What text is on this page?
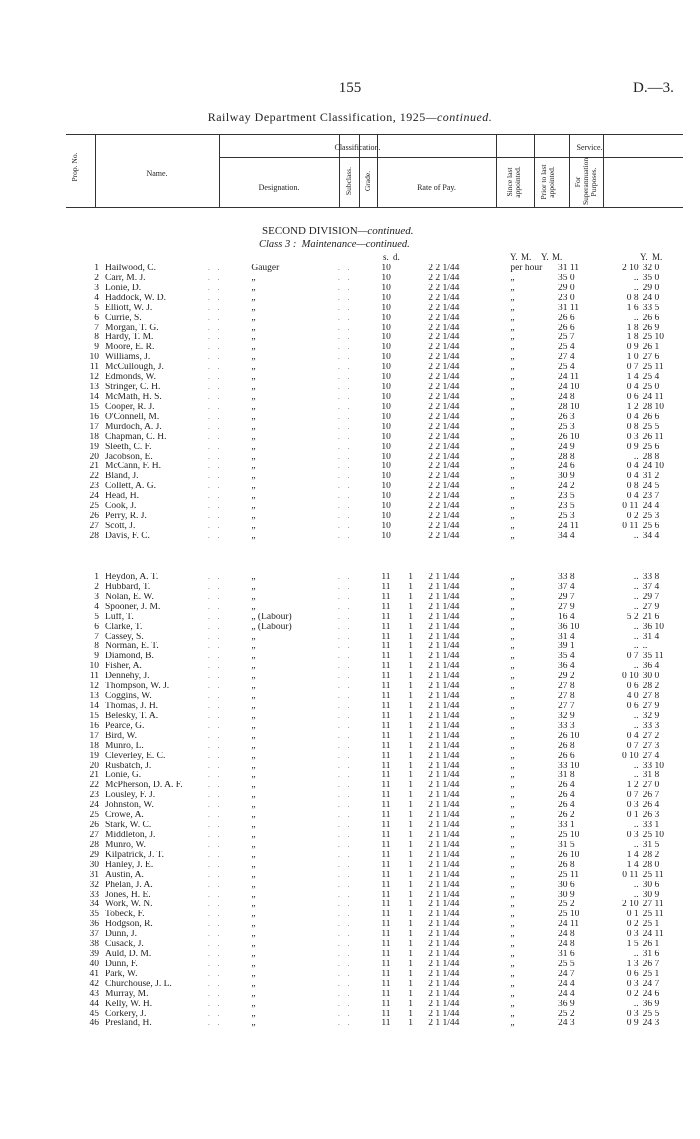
155	D.—3.
Railway Department Classification, 1925—continued.
Prop. No.	Name.
Classification.	Service.
Designation.	Subclass. Grade.	Rate of Pay.	Since last appointed. Prior to last appointed. For Superannuation Purposes.
SECOND DIVISION—continued.
Class 3 : Maintenance—continued.
s. d.	Y. M. Y. M.	Y. M.
1	Hailwood, C.	. .	Gauger	. .	10		2 2 1/44	per hour	31 11	2 10	32 0
2	Carr, M. J.	. .	„	. .	10		2 2 1/44	„	35 0	..	35 0
3	Lonie, D.	. .	„	. .	10		2 2 1/44	„	29 0	..	29 0
4	Haddock, W. D.	. .	„	. .	10		2 2 1/44	„	23 0	0 8	24 0
5	Elliott, W. J.	. .	„	. .	10		2 2 1/44	„	31 11	1 6	33 5
6	Currie, S.	. .	„	. .	10		2 2 1/44	„	26 6	..	26 6
7	Morgan, T. G.	. .	„	. .	10		2 2 1/44	„	26 6	1 8	26 9
8	Hardy, T. M.	. .	„	. .	10		2 2 1/44	„	25 7	1 8	25 10
9	Moore, E. R.	. .	„	. .	10		2 2 1/44	„	25 4	0 9	26 1
10	Williams, J.	. .	„	. .	10		2 2 1/44	„	27 4	1 0	27 6
11	McCullough, J.	. .	„	. .	10		2 2 1/44	„	25 4	0 7	25 11
12	Edmonds, W.	. .	„	. .	10		2 2 1/44	„	24 11	1 4	25 4
13	Stringer, C. H.	. .	„	. .	10		2 2 1/44	„	24 10	0 4	25 0
14	McMath, H. S.	. .	„	. .	10		2 2 1/44	„	24 8	0 6	24 11
15	Cooper, R. J.	. .	„	. .	10		2 2 1/44	„	28 10	1 2	28 10
16	O'Connell, M.	. .	„	. .	10		2 2 1/44	„	26 3	0 4	26 6
17	Murdoch, A. J.	. .	„	. .	10		2 2 1/44	„	25 3	0 8	25 5
18	Chapman, C. H.	. .	„	. .	10		2 2 1/44	„	26 10	0 3	26 11
19	Sleeth, C. F.	. .	„	. .	10		2 2 1/44	„	24 9	0 9	25 6
20	Jacobson, E.	. .	„	. .	10		2 2 1/44	„	28 8	..	28 8
21	McCann, F. H.	. .	„	. .	10		2 2 1/44	„	24 6	0 4	24 10
22	Bland, J.	. .	„	. .	10		2 2 1/44	„	30 9	0 4	31 2
23	Collett, A. G.	. .	„	. .	10		2 2 1/44	„	24 2	0 8	24 5
24	Head, H.	. .	„	. .	10		2 2 1/44	„	23 5	0 4	23 7
25	Cook, J.	. .	„	. .	10		2 2 1/44	„	23 5	0 11	24 4
26	Perry, R. J.	. .	„	. .	10		2 2 1/44	„	25 3	0 2	25 3
27	Scott, J.	. .	„	. .	10		2 2 1/44	„	24 11	0 11	25 6
28	Davis, F. C.	. .	„	. .	10		2 2 1/44	„	34 4	..	34 4
1	Heydon, A. T.	. .	„	. .	11	1	2 1 1/44	„	33 8	..	33 8
2	Hubbard, T.	. .	„	. .	11	1	2 1 1/44	„	37 4	..	37 4
3	Nolan, E. W.	. .	„	. .	11	1	2 1 1/44	„	29 7	..	29 7
4	Spooner, J. M.	. .	„	. .	11	1	2 1 1/44	„	27 9	..	27 9
5	Luff, T.	. .	„ (Labour)	. .	11	1	2 1 1/44	„	16 4	5 2	21 6
6	Clarke, T.	. .	„ (Labour)	. .	11	1	2 1 1/44	„	36 10	..	36 10
7	Cassey, S.	. .	„	. .	11	1	2 1 1/44	„	31 4	..	31 4
8	Norman, E. T.	. .	„	. .	11	1	2 1 1/44	„	39 1	..	..
9	Diamond, B.	. .	„	. .	11	1	2 1 1/44	„	35 4	0 7	35 11
10	Fisher, A.	. .	„	. .	11	1	2 1 1/44	„	36 4	..	36 4
11	Dennehy, J.	. .	„	. .	11	1	2 1 1/44	„	29 2	0 10	30 0
12	Thompson, W. J.	. .	„	. .	11	1	2 1 1/44	„	27 8	0 6	28 2
13	Coggins, W.	. .	„	. .	11	1	2 1 1/44	„	27 8	4 0	27 8
14	Thomas, J. H.	. .	„	. .	11	1	2 1 1/44	„	27 7	0 6	27 9
15	Belesky, T. A.	. .	„	. .	11	1	2 1 1/44	„	32 9	..	32 9
16	Pearce, G.	. .	„	. .	11	1	2 1 1/44	„	33 3	..	33 3
17	Bird, W.	. .	„	. .	11	1	2 1 1/44	„	26 10	0 4	27 2
18	Munro, L.	. .	„	. .	11	1	2 1 1/44	„	26 8	0 7	27 3
19	Cleverley, E. C.	. .	„	. .	11	1	2 1 1/44	„	26 6	0 10	27 4
20	Rusbatch, J.	. .	„	. .	11	1	2 1 1/44	„	33 10	..	33 10
21	Lonie, G.	. .	„	. .	11	1	2 1 1/44	„	31 8	..	31 8
22	McPherson, D. A. F.	. .	„	. .	11	1	2 1 1/44	„	26 4	1 2	27 0
23	Lousley, F. J.	. .	„	. .	11	1	2 1 1/44	„	26 4	0 7	26 7
24	Johnston, W.	. .	„	. .	11	1	2 1 1/44	„	26 4	0 3	26 4
25	Crowe, A.	. .	„	. .	11	1	2 1 1/44	„	26 2	0 1	26 3
26	Stark, W. C.	. .	„	. .	11	1	2 1 1/44	„	33 1	..	33 1
27	Middleton, J.	. .	„	. .	11	1	2 1 1/44	„	25 10	0 3	25 10
28	Munro, W.	. .	„	. .	11	1	2 1 1/44	„	31 5	..	31 5
29	Kilpatrick, J. T.	. .	„	. .	11	1	2 1 1/44	„	26 10	1 4	28 2
30	Hanley, J. E.	. .	„	. .	11	1	2 1 1/44	„	26 8	1 4	28 0
31	Austin, A.	. .	„	. .	11	1	2 1 1/44	„	25 11	0 11	25 11
32	Phelan, J. A.	. .	„	. .	11	1	2 1 1/44	„	30 6	..	30 6
33	Jones, H. E.	. .	„	. .	11	1	2 1 1/44	„	30 9	..	30 9
34	Work, W. N.	. .	„	. .	11	1	2 1 1/44	„	25 2	2 10	27 11
35	Tobeck, F.	. .	„	. .	11	1	2 1 1/44	„	25 10	0 1	25 11
36	Hodgson, R.	. .	„	. .	11	1	2 1 1/44	„	24 11	0 2	25 1
37	Dunn, J.	. .	„	. .	11	1	2 1 1/44	„	24 8	0 3	24 11
38	Cusack, J.	. .	„	. .	11	1	2 1 1/44	„	24 8	1 5	26 1
39	Auld, D. M.	. .	„	. .	11	1	2 1 1/44	„	31 6	..	31 6
40	Dunn, F.	. .	„	. .	11	1	2 1 1/44	„	25 5	1 3	26 7
41	Park, W.	. .	„	. .	11	1	2 1 1/44	„	24 7	0 6	25 1
42	Churchouse, J. L.	. .	„	. .	11	1	2 1 1/44	„	24 4	0 3	24 7
43	Murray, M.	. .	„	. .	11	1	2 1 1/44	„	24 4	0 2	24 6
44	Kelly, W. H.	. .	„	. .	11	1	2 1 1/44	„	36 9	..	36 9
45	Corkery, J.	. .	„	. .	11	1	2 1 1/44	„	25 2	0 3	25 5
46	Presland, H.	. .	„	. .	11	1	2 1 1/44	„	24 3	0 9	24 3
